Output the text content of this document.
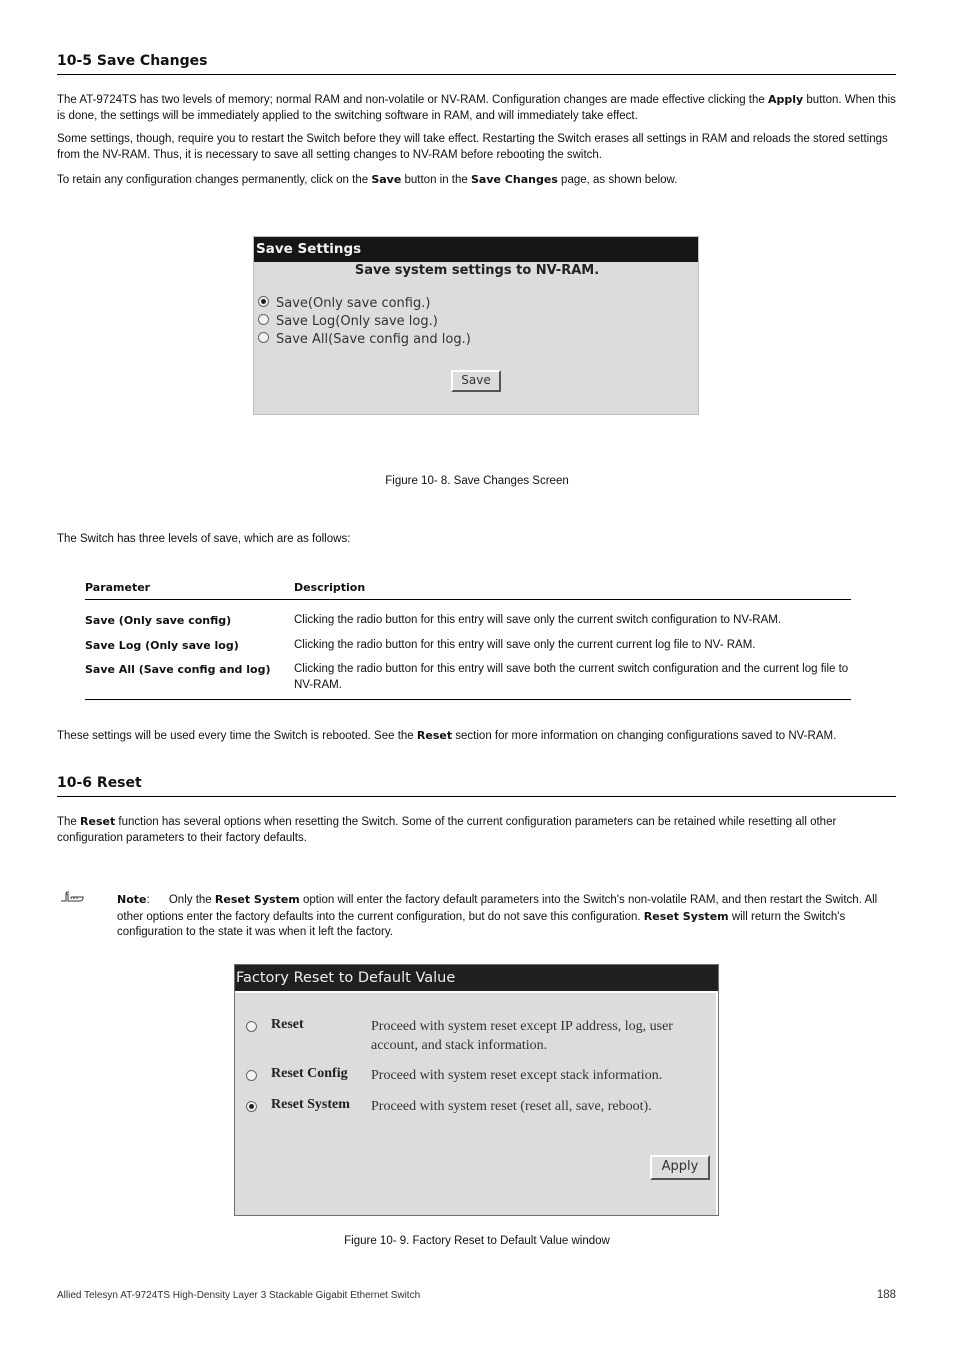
10-5 Save Changes

The AT-9724TS has two levels of memory; normal RAM and non-volatile or NV-RAM. Configuration changes are made effective clicking the Apply button. When this is done, the settings will be immediately applied to the switching software in RAM, and will immediately take effect.

Some settings, though, require you to restart the Switch before they will take effect. Restarting the Switch erases all settings in RAM and reloads the stored settings from the NV-RAM. Thus, it is necessary to save all setting changes to NV-RAM before rebooting the switch.

To retain any configuration changes permanently, click on the Save button in the Save Changes page, as shown below.

Save Settings
Save system settings to NV-RAM.
Save(Only save config.)
Save Log(Only save log.)
Save All(Save config and log.)
Save
Figure 10- 8. Save Changes Screen

The Switch has three levels of save, which are as follows:

Parameter	Description
Save (Only save config)	Clicking the radio button for this entry will save only the current switch configuration to NV-RAM.
Save Log (Only save log)	Clicking the radio button for this entry will save only the current current log file to NV- RAM.
Save All (Save config and log)	Clicking the radio button for this entry will save both the current switch configuration and the current log file to NV-RAM.

These settings will be used every time the Switch is rebooted. See the Reset section for more information on changing configurations saved to NV-RAM.

10-6 Reset

The Reset function has several options when resetting the Switch. Some of the current configuration parameters can be retained while resetting all other configuration parameters to their factory defaults.

Note:      Only the Reset System option will enter the factory default parameters into the Switch's non-volatile RAM, and then restart the Switch. All other options enter the factory defaults into the current configuration, but do not save this configuration. Reset System will return the Switch's configuration to the state it was when it left the factory.

Factory Reset to Default Value
Reset	Proceed with system reset except IP address, log, user account, and stack information.
Reset Config Proceed with system reset except stack information.
Reset System Proceed with system reset (reset all, save, reboot).
Apply
Figure 10- 9. Factory Reset to Default Value window
Allied Telesyn AT-9724TS High-Density Layer 3 Stackable Gigabit Ethernet Switch	188
